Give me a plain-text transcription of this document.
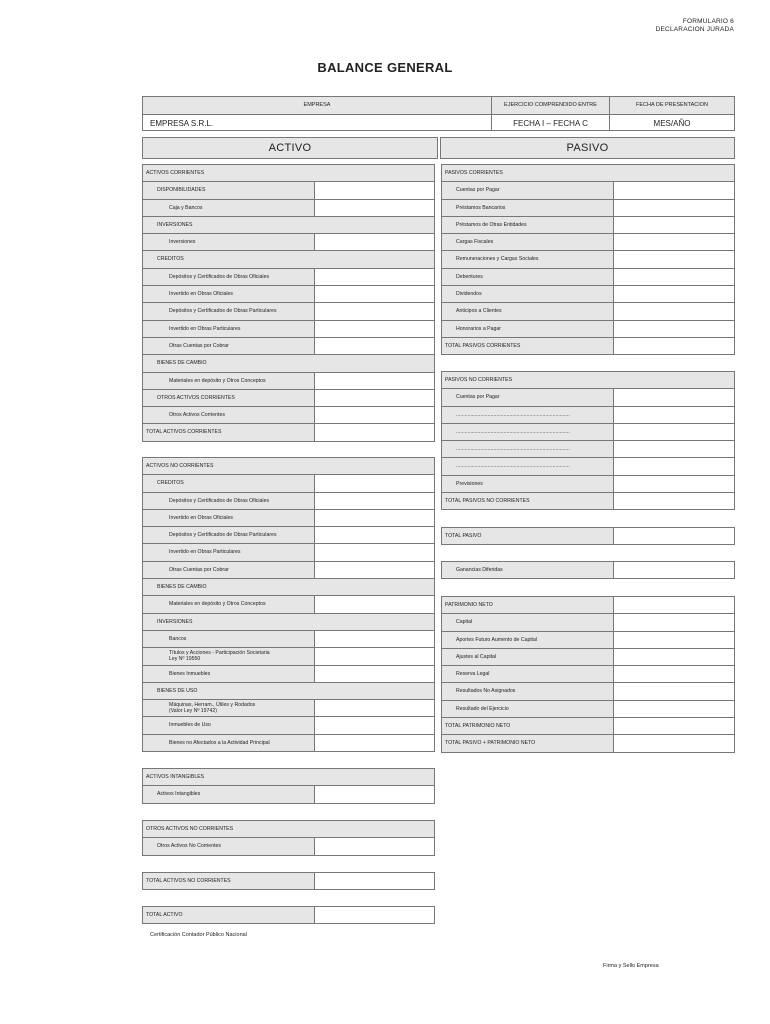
FORMULARIO 6
DECLARACION JURADA
BALANCE GENERAL
EMPRESA
EMPRESA S.R.L.
EJERCICIO COMPRENDIDO ENTRE
FECHA I – FECHA C
FECHA DE PRESENTACION
MES/AÑO
ACTIVO	PASIVO
ACTIVOS CORRIENTES
DISPONIBILIDADES
Caja y Bancos
INVERSIONES
Inversiones
CREDITOS
Depósitos y Certificados de Obras Oficiales
Invertido en Obras Oficiales
Depósitos y Certificados de Obras Particulares
Invertido en Obras Particulares
Otras Cuentas por Cobrar
BIENES DE CAMBIO
Materiales en depósito y Otros Conceptos
OTROS ACTIVOS CORRIENTES
Otros Activos Corrientes
TOTAL ACTIVOS CORRIENTES
ACTIVOS NO CORRIENTES
CREDITOS
Depósitos y Certificados de Obras Oficiales
Invertido en Obras Oficiales
Depósitos y Certificados de Obras Particulares
Invertido en Obras Particulares
Otras Cuentas por Cobrar
BIENES DE CAMBIO
Materiales en depósito y Otros Conceptos
INVERSIONES
Bancos
Títulos y Acciones - Participación Societaria
Ley Nº 19550
Bienes Inmuebles
BIENES DE USO
Máquinas, Herram., Útiles y Rodados
(Valor Ley Nº 19742)
Inmuebles de Uso
Bienes no Afectados a la Actividad Principal
ACTIVOS INTANGIBLES
Activos Intangibles
OTROS ACTIVOS NO CORRIENTES
Otros Activos No Corrientes
TOTAL ACTIVOS NO CORRIENTES
TOTAL ACTIVO
PASIVOS CORRIENTES
Cuentas por Pagar
Préstamos Bancarios
Préstamos de Otras Entidades
Cargas Fiscales
Remuneraciones y Cargas Sociales
Debentures
Dividendos
Anticipos a Clientes
Honorarios a Pagar
TOTAL PASIVOS CORRIENTES
PASIVOS NO CORRIENTES
Cuentas por Pagar
...............................................................................
...............................................................................
...............................................................................
...............................................................................
Previsiones
TOTAL PASIVOS NO CORRIENTES
TOTAL PASIVO
Ganancias Diferidas
PATRIMONIO NETO
Capital
Aportes Futuro Aumento de Capital
Ajustes al Capital
Reserva Legal
Resultados No Asignados
Resultado del Ejercicio
TOTAL PATRIMONIO NETO
TOTAL PASIVO + PATRIMONIO NETO
Certificación Contador Público Nacional
Firma y Sello Empresa
